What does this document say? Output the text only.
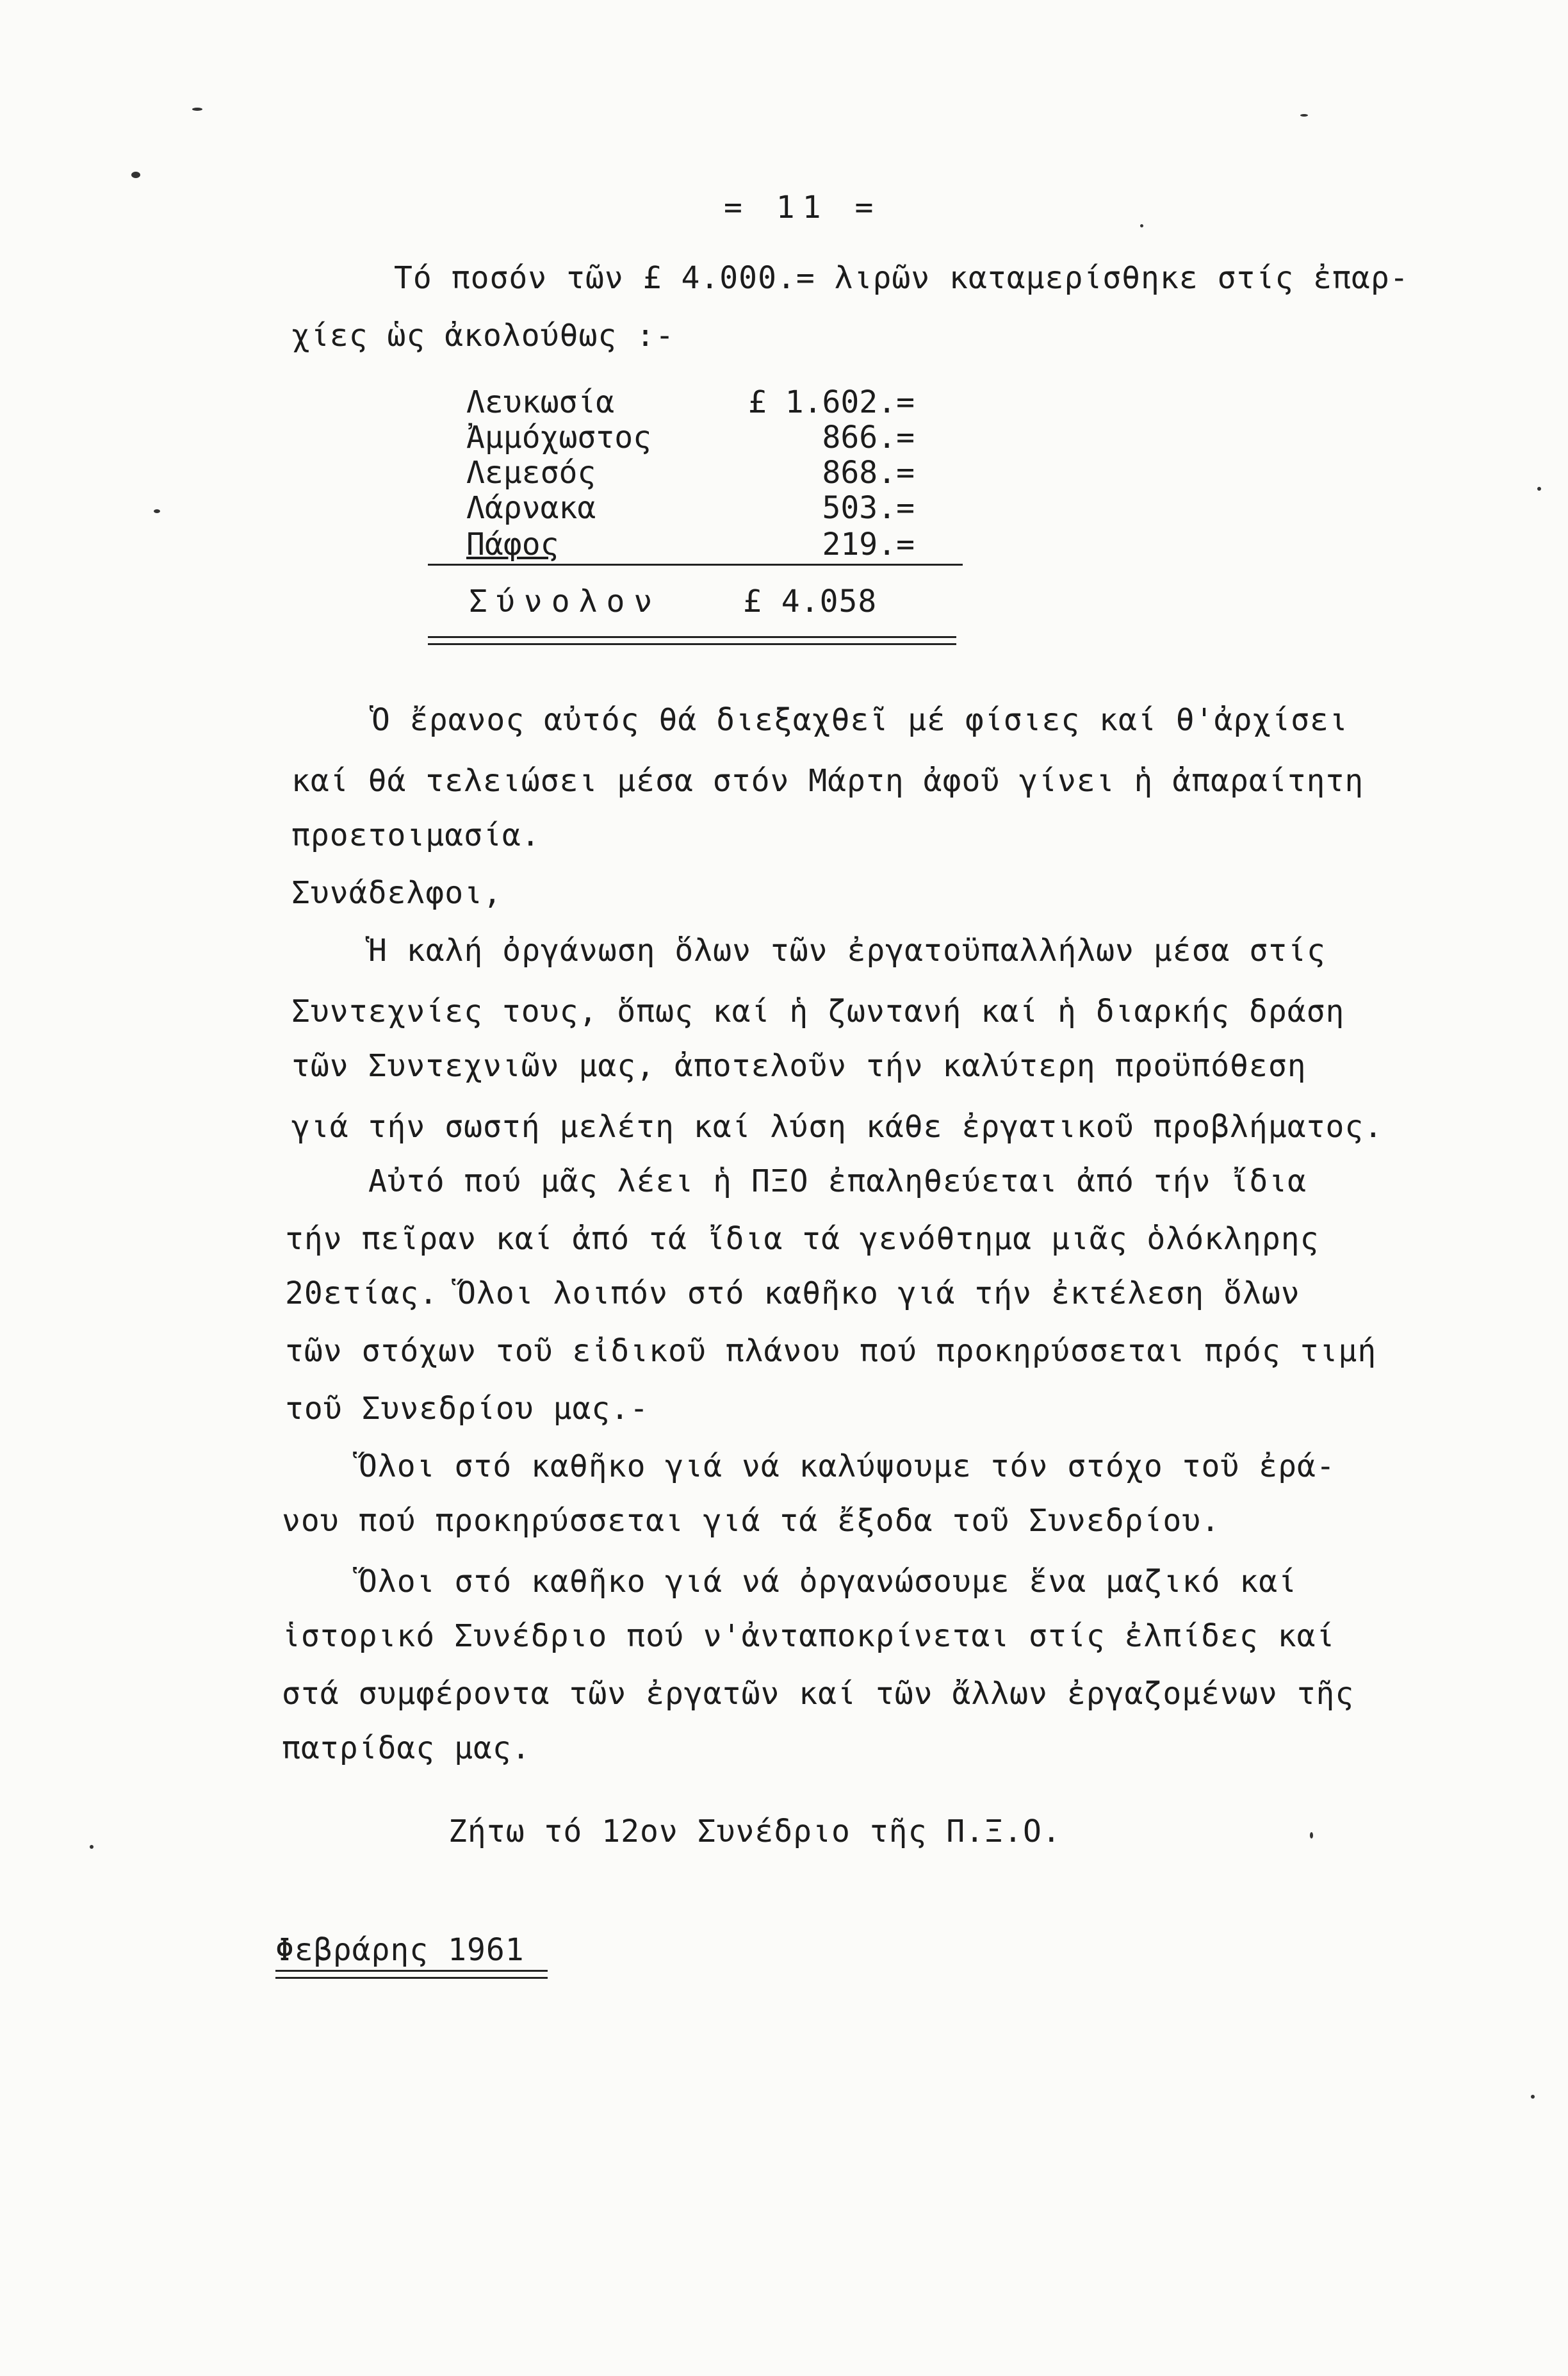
= 11 =
Τό ποσόν τῶν £ 4.000.= λιρῶν καταμερίσθηκε στίς ἐπαρ-
χίες ὡς ἀκολούθως :-
Λευκωσία	£ 1.602.=
Ἀμμόχωστος	866.=
Λεμεσός	868.=
Λάρνακα	503.=
Πάφος	219.=
Σύνολον	£ 4.058
Ὁ ἔρανος αὐτός θά διεξαχθεῖ μέ φίσιες καί θ'ἀρχίσει
καί θά τελειώσει μέσα στόν Μάρτη ἀφοῦ γίνει ἡ ἀπαραίτητη
προετοιμασία.
Συνάδελφοι,
Ἡ καλή ὀργάνωση ὅλων τῶν ἐργατοϋπαλλήλων μέσα στίς
Συντεχνίες τους, ὅπως καί ἡ ζωντανή καί ἡ διαρκής δράση
τῶν Συντεχνιῶν μας, ἀποτελοῦν τήν καλύτερη προϋπόθεση
γιά τήν σωστή μελέτη καί λύση κάθε ἐργατικοῦ προβλήματος.
Αὐτό πού μᾶς λέει ἡ ΠΞΟ ἐπαληθεύεται ἀπό τήν ἴδια
τήν πεῖραν καί ἀπό τά ἴδια τά γενόθτημα μιᾶς ὁλόκληρης
20ετίας. Ὅλοι λοιπόν στό καθῆκο γιά τήν ἐκτέλεση ὅλων
τῶν στόχων τοῦ εἰδικοῦ πλάνου πού προκηρύσσεται πρός τιμή
τοῦ Συνεδρίου μας.-
Ὅλοι στό καθῆκο γιά νά καλύψουμε τόν στόχο τοῦ ἐρά-
νου πού προκηρύσσεται γιά τά ἔξοδα τοῦ Συνεδρίου.
Ὅλοι στό καθῆκο γιά νά ὀργανώσουμε ἕνα μαζικό καί
ἱστορικό Συνέδριο πού ν'ἀνταποκρίνεται στίς ἐλπίδες καί
στά συμφέροντα τῶν ἐργατῶν καί τῶν ἄλλων ἐργαζομένων τῆς
πατρίδας μας.
Ζήτω τό 12ον Συνέδριο τῆς Π.Ξ.Ο.
Φεβράρης 1961
